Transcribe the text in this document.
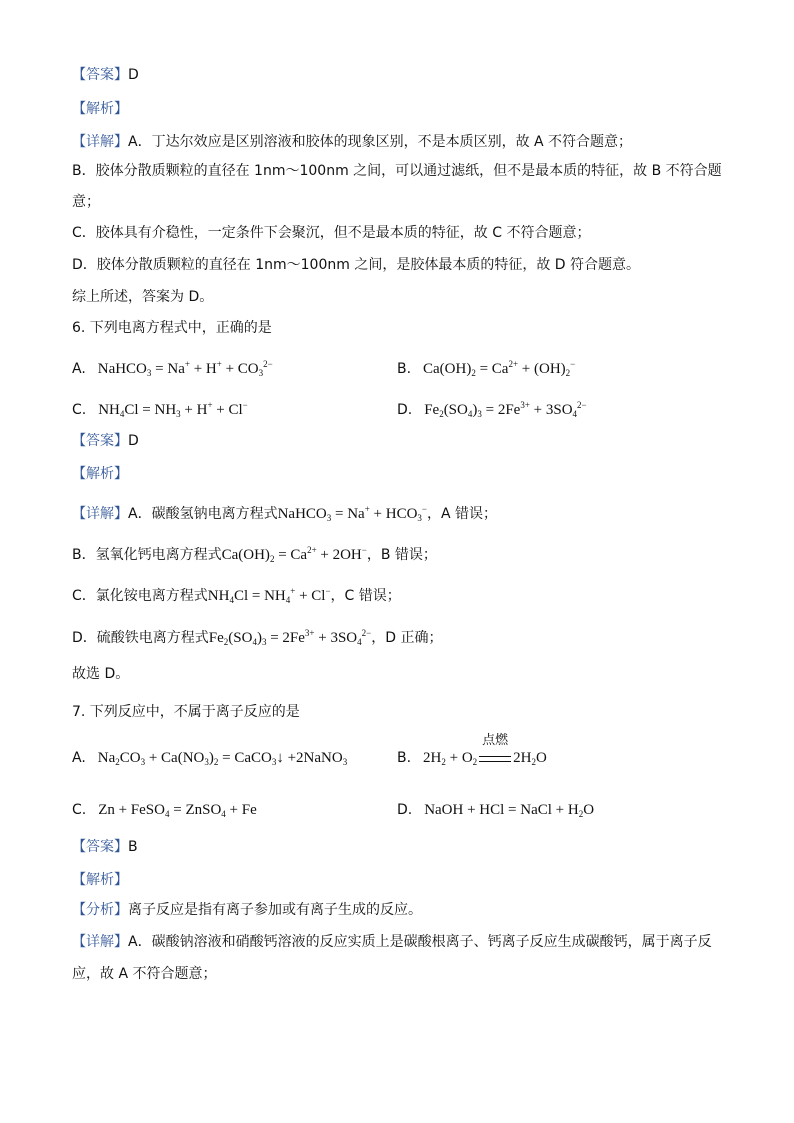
【答案】D
【解析】
【详解】A．丁达尔效应是区别溶液和胶体的现象区别，不是本质区别，故 A 不符合题意；
B．胶体分散质颗粒的直径在 1nm～100nm 之间，可以通过滤纸，但不是最本质的特征，故 B 不符合题
意；
C．胶体具有介稳性，一定条件下会聚沉，但不是最本质的特征，故 C 不符合题意；
D．胶体分散质颗粒的直径在 1nm～100nm 之间，是胶体最本质的特征，故 D 符合题意。
综上所述，答案为 D。
6. 下列电离方程式中，正确的是
A.   NaHCO$_3$ = $Na^+ + H^+ + CO_3^{2-}$	B.   $Ca(OH)_2 = Ca^{2+} + (OH)_2^-$
C.   $NH_4Cl = NH_3 + H^+ + Cl^-$	D.   $Fe_2(SO_4)_3 = 2Fe^{3+} + 3SO_4^{2-}$
【答案】D
【解析】
【详解】A．碳酸氢钠电离方程式NaHCO$_3$ = $Na^+ + HCO_3^-$，A 错误；
B．氢氧化钙电离方程式$Ca(OH)_2 = Ca^{2+} + 2OH^-$，B 错误；
C．氯化铵电离方程式$NH_4Cl = NH_4^+ + Cl^-$，C 错误；
D．硫酸铁电离方程式$Fe_2(SO_4)_3 = 2Fe^{3+} + 3SO_4^{2-}$，D 正确；
故选 D。
7. 下列反应中，不属于离子反应的是
A.   $Na_2CO_3 + Ca(NO_3)_2$ = CaCO$_3$↓ +2NaNO$_3$	B.   $2H_2 + O_2$
点燃
$2H_2O$
C.   Zn + FeSO$_4$ = ZnSO$_4$ + Fe	D.   NaOH + HCl = NaCl + $H_2O$
【答案】B
【解析】
【分析】离子反应是指有离子参加或有离子生成的反应。
【详解】A．碳酸钠溶液和硝酸钙溶液的反应实质上是碳酸根离子、钙离子反应生成碳酸钙，属于离子反
应，故 A 不符合题意；
